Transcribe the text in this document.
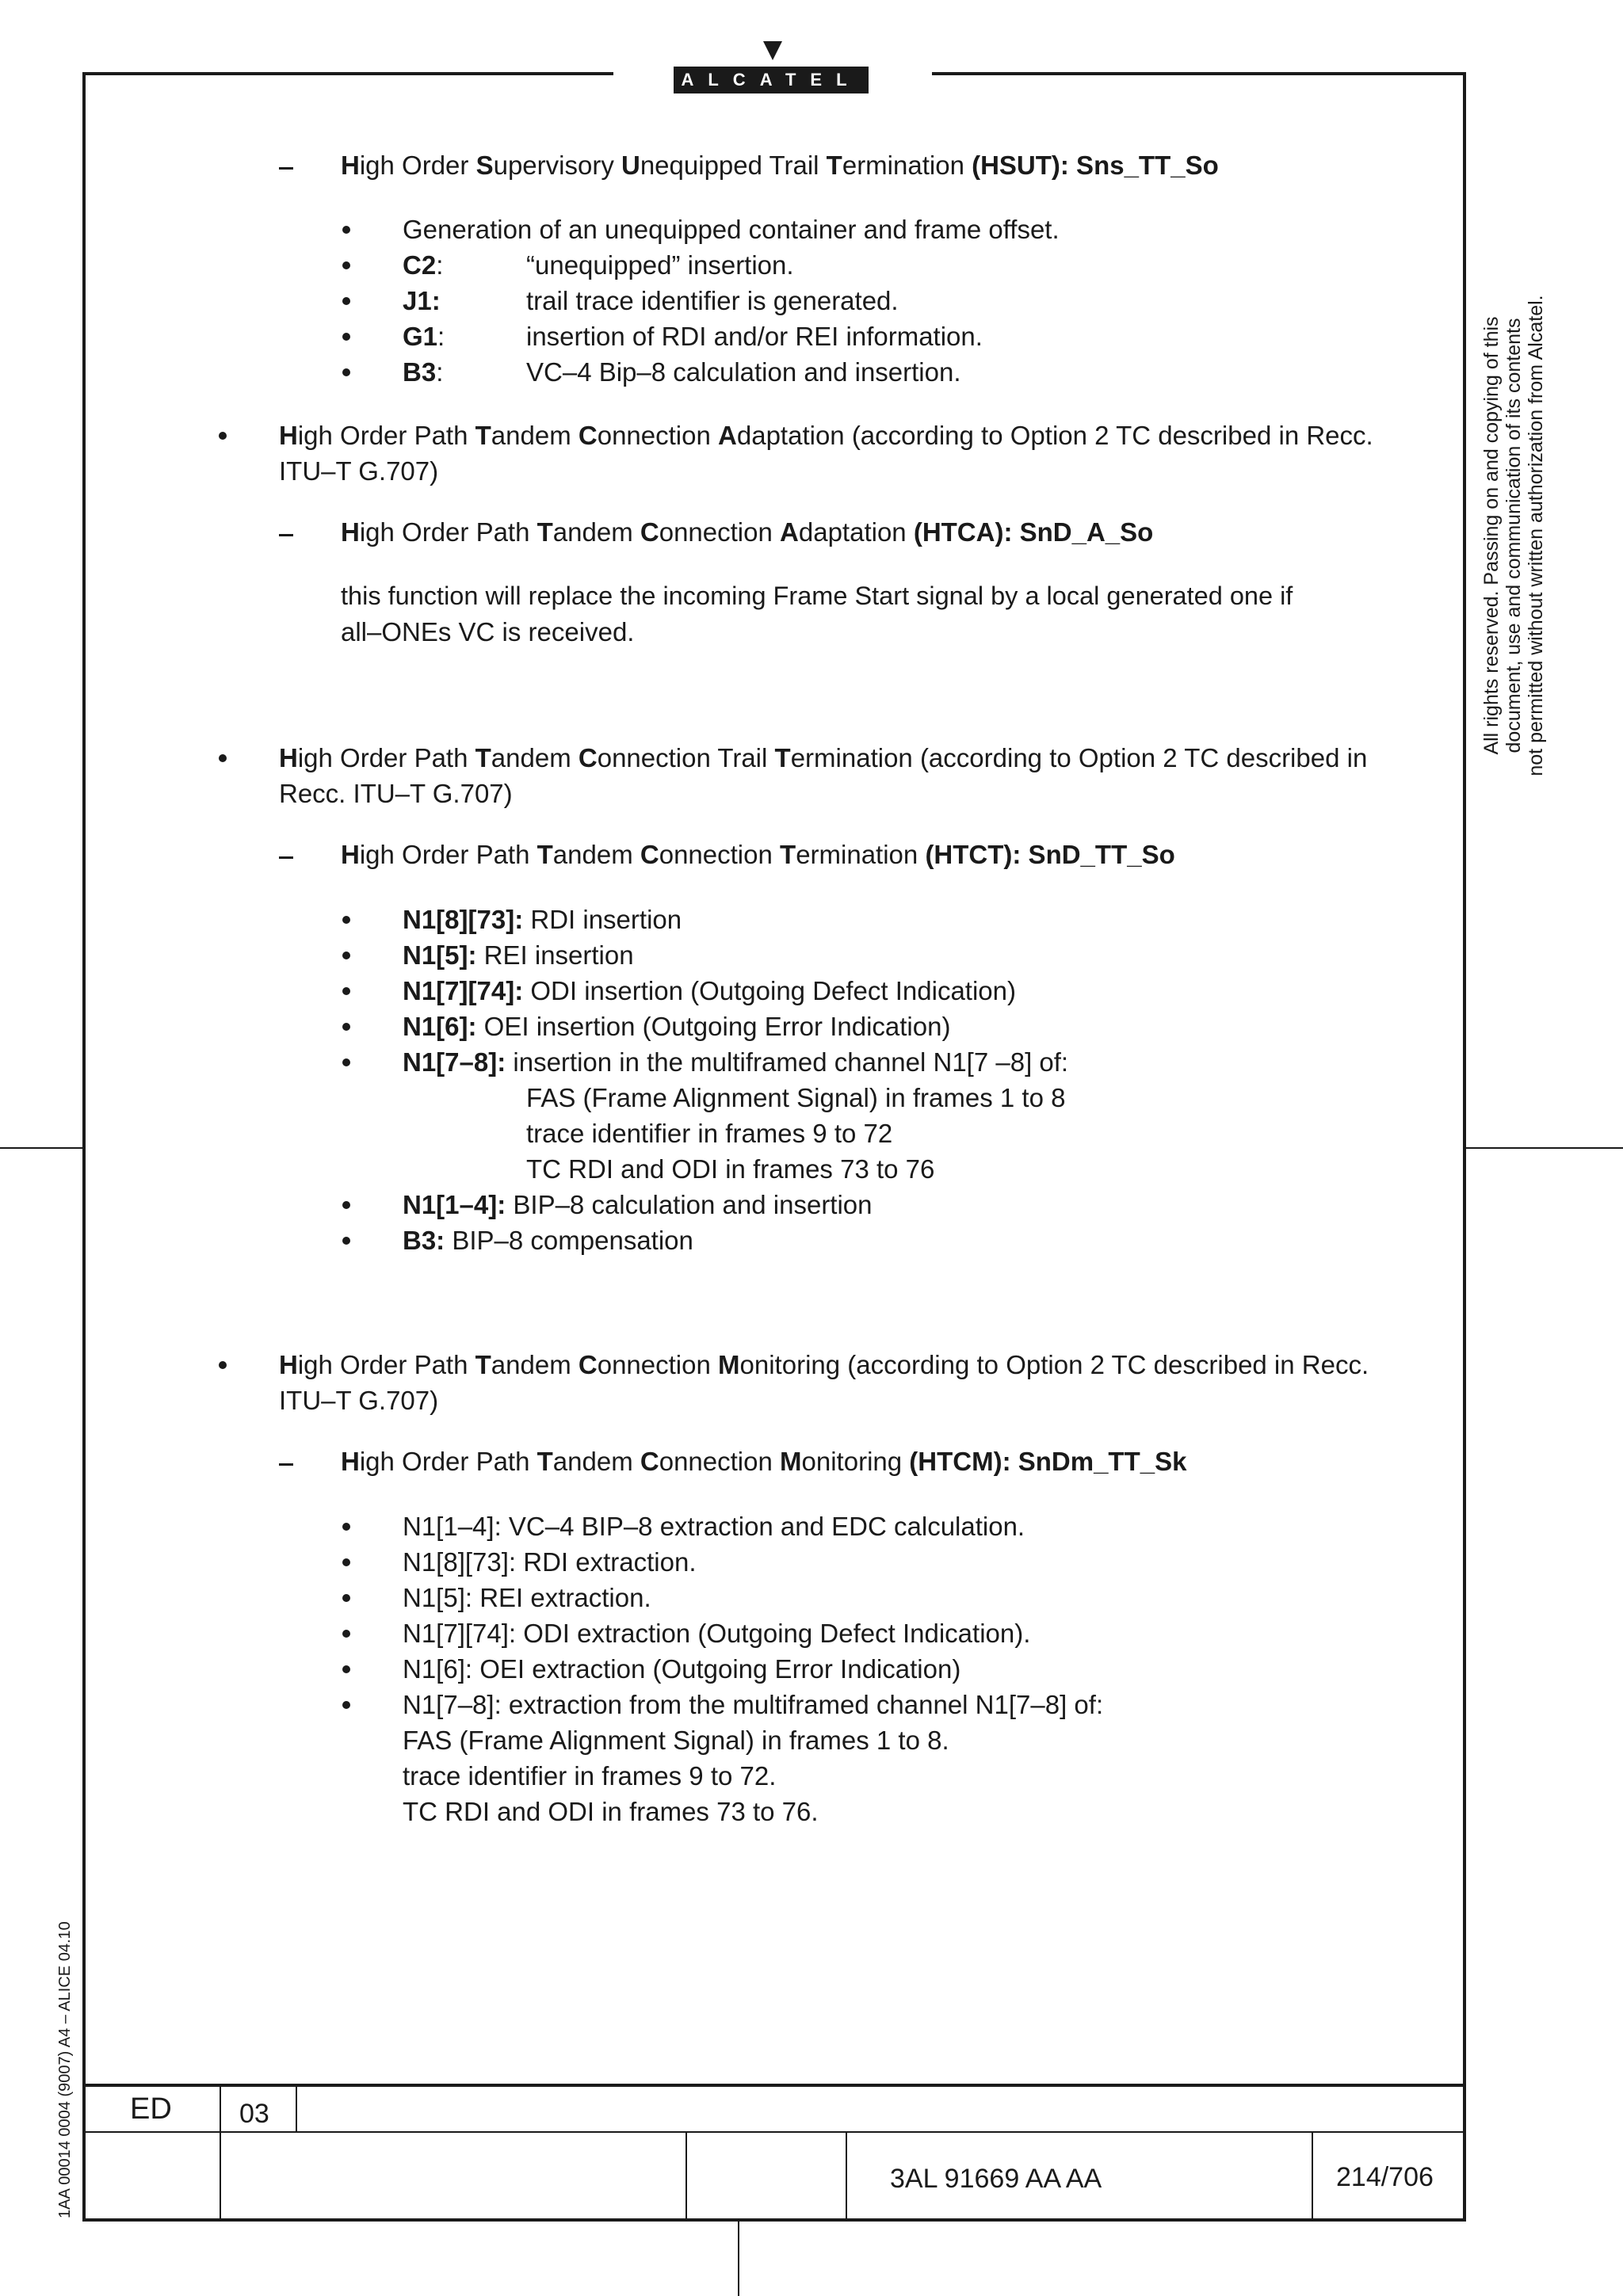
ALCATEL
High Order Supervisory Unequipped Trail Termination (HSUT): Sns_TT_So
Generation of an unequipped container and frame offset.
C2:	“unequipped” insertion.
J1:	trail trace identifier is generated.
G1:	insertion of RDI and/or REI information.
B3:	VC–4 Bip–8 calculation and insertion.
High Order Path Tandem Connection Adaptation (according to Option 2 TC described in Recc.
ITU–T G.707)
High Order Path Tandem Connection Adaptation (HTCA): SnD_A_So
this function will replace the incoming Frame Start signal by a local generated one if
all–ONEs VC is received.
High Order Path Tandem Connection Trail Termination (according to Option 2 TC described in
Recc. ITU–T G.707)
High Order Path Tandem Connection Termination (HTCT): SnD_TT_So
N1[8][73]: RDI insertion
N1[5]: REI insertion
N1[7][74]: ODI insertion (Outgoing Defect Indication)
N1[6]: OEI insertion (Outgoing Error Indication)
N1[7–8]: insertion in the multiframed channel N1[7 –8] of:
FAS (Frame Alignment Signal) in frames 1 to 8
trace identifier in frames 9 to 72
TC RDI and ODI in frames 73 to 76
N1[1–4]: BIP–8 calculation and insertion
B3: BIP–8 compensation
High Order Path Tandem Connection Monitoring (according to Option 2 TC described in Recc.
ITU–T G.707)
High Order Path Tandem Connection Monitoring (HTCM): SnDm_TT_Sk
N1[1–4]: VC–4 BIP–8 extraction and EDC calculation.
N1[8][73]: RDI extraction.
N1[5]: REI extraction.
N1[7][74]: ODI extraction (Outgoing Defect Indication).
N1[6]: OEI extraction (Outgoing Error Indication)
N1[7–8]: extraction from the multiframed channel N1[7–8] of:
FAS (Frame Alignment Signal) in frames 1 to 8.
trace identifier in frames 9 to 72.
TC RDI and ODI in frames 73 to 76.
All rights reserved. Passing on and copying of this document, use and communication of its contents not permitted without written authorization from Alcatel.
1AA 00014 0004 (9007) A4 – ALICE 04.10 ED	03
3AL 91669 AA AA	214/706
